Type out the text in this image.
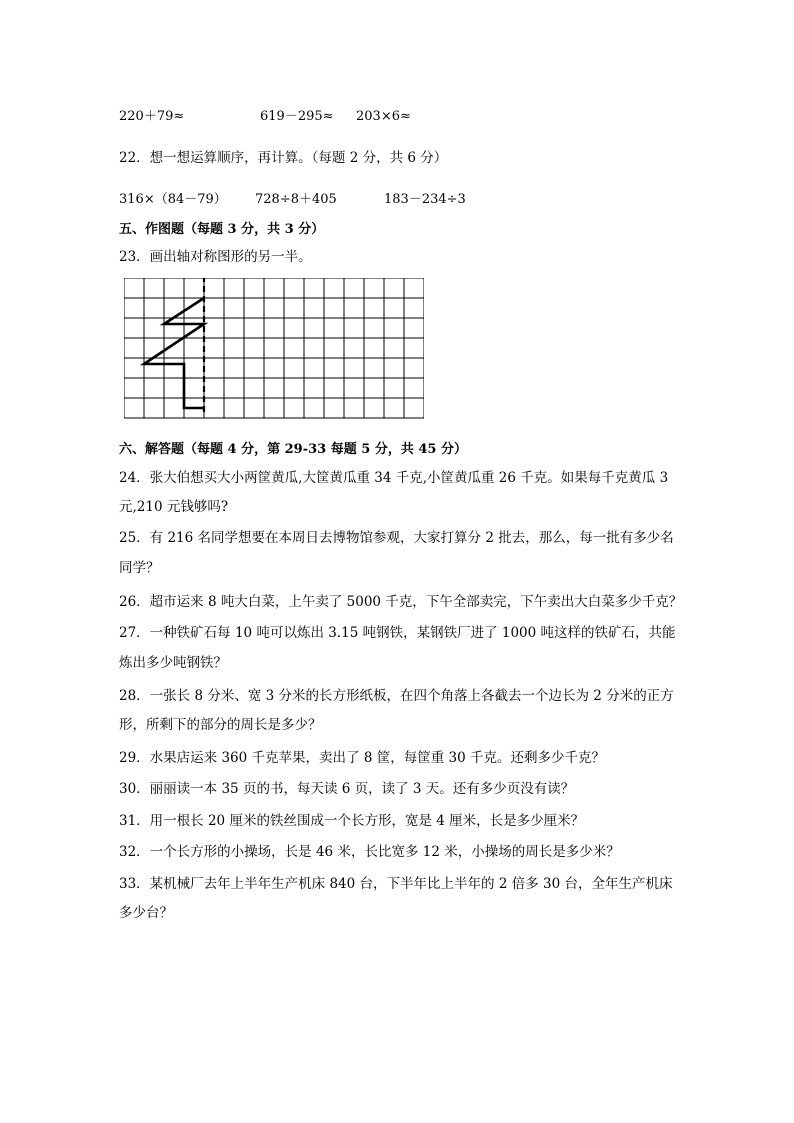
220＋79≈	619－295≈ 203×6≈
22．想一想运算顺序，再计算。（每题 2 分，共 6 分）
316×（84－79） 728÷8＋405	183－234÷3
五、作图题（每题 3 分，共 3 分）
23．画出轴对称图形的另一半。
六、解答题（每题 4 分，第 29-33 每题 5 分，共 45 分）
24．张大伯想买大小两筐黄瓜,大筐黄瓜重 34 千克,小筐黄瓜重 26 千克。如果每千克黄瓜 3
元,210 元钱够吗?
25．有 216 名同学想要在本周日去博物馆参观，大家打算分 2 批去，那么，每一批有多少名
同学？
26．超市运来 8 吨大白菜，上午卖了 5000 千克，下午全部卖完，下午卖出大白菜多少千克？
27．一种铁矿石每 10 吨可以炼出 3.15 吨钢铁，某钢铁厂进了 1000 吨这样的铁矿石，共能
炼出多少吨钢铁？
28．一张长 8 分米、宽 3 分米的长方形纸板，在四个角落上各截去一个边长为 2 分米的正方
形，所剩下的部分的周长是多少？
29．水果店运来 360 千克苹果，卖出了 8 筐，每筐重 30 千克。还剩多少千克？
30．丽丽读一本 35 页的书，每天读 6 页，读了 3 天。还有多少页没有读？
31．用一根长 20 厘米的铁丝围成一个长方形，宽是 4 厘米，长是多少厘米？
32．一个长方形的小操场，长是 46 米，长比宽多 12 米，小操场的周长是多少米？
33．某机械厂去年上半年生产机床 840 台，下半年比上半年的 2 倍多 30 台，全年生产机床
多少台？
